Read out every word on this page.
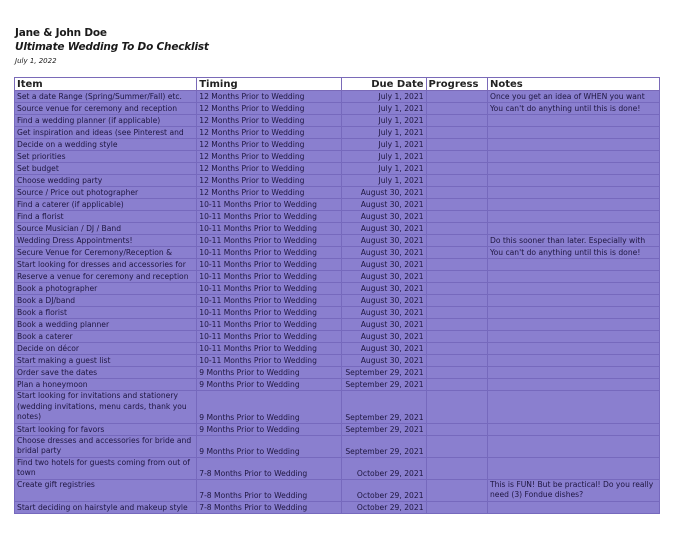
Jane & John Doe
Ultimate Wedding To Do Checklist
July 1, 2022
Item	Timing	Due Date	Progress	Notes
Set a date Range (Spring/Summer/Fall) etc.	12 Months Prior to Wedding	July 1, 2021		Once you get an idea of WHEN you want
Source venue for ceremony and reception	12 Months Prior to Wedding	July 1, 2021		You can't do anything until this is done!
Find a wedding planner (if applicable)	12 Months Prior to Wedding	July 1, 2021		
Get inspiration and ideas (see Pinterest and	12 Months Prior to Wedding	July 1, 2021		
Decide on a wedding style	12 Months Prior to Wedding	July 1, 2021		
Set priorities	12 Months Prior to Wedding	July 1, 2021		
Set budget	12 Months Prior to Wedding	July 1, 2021		
Choose wedding party	12 Months Prior to Wedding	July 1, 2021		
Source / Price out photographer	12 Months Prior to Wedding	August 30, 2021		
Find a caterer (if applicable)	10-11 Months Prior to Wedding	August 30, 2021		
Find a florist	10-11 Months Prior to Wedding	August 30, 2021		
Source Musician / DJ / Band	10-11 Months Prior to Wedding	August 30, 2021		
Wedding Dress Appointments!	10-11 Months Prior to Wedding	August 30, 2021		Do this sooner than later. Especially with
Secure Venue for Ceremony/Reception &	10-11 Months Prior to Wedding	August 30, 2021		You can't do anything until this is done!
Start looking for dresses and accessories for	10-11 Months Prior to Wedding	August 30, 2021		
Reserve a venue for ceremony and reception	10-11 Months Prior to Wedding	August 30, 2021		
Book a photographer	10-11 Months Prior to Wedding	August 30, 2021		
Book a DJ/band	10-11 Months Prior to Wedding	August 30, 2021		
Book a florist	10-11 Months Prior to Wedding	August 30, 2021		
Book a wedding planner	10-11 Months Prior to Wedding	August 30, 2021		
Book a caterer	10-11 Months Prior to Wedding	August 30, 2021		
Decide on décor	10-11 Months Prior to Wedding	August 30, 2021		
Start making a guest list	10-11 Months Prior to Wedding	August 30, 2021		
Order save the dates	9 Months Prior to Wedding	September 29, 2021		
Plan a honeymoon	9 Months Prior to Wedding	September 29, 2021		
Start looking for invitations and stationery (wedding invitations, menu cards, thank you notes)	9 Months Prior to Wedding	September 29, 2021		
Start looking for favors	9 Months Prior to Wedding	September 29, 2021		
Choose dresses and accessories for bride and bridal party	9 Months Prior to Wedding	September 29, 2021		
Find two hotels for guests coming from out of town	7-8 Months Prior to Wedding	October 29, 2021		
Create gift registries	7-8 Months Prior to Wedding	October 29, 2021		This is FUN! But be practical! Do you really need (3) Fondue dishes?
Start deciding on hairstyle and makeup style	7-8 Months Prior to Wedding	October 29, 2021		
